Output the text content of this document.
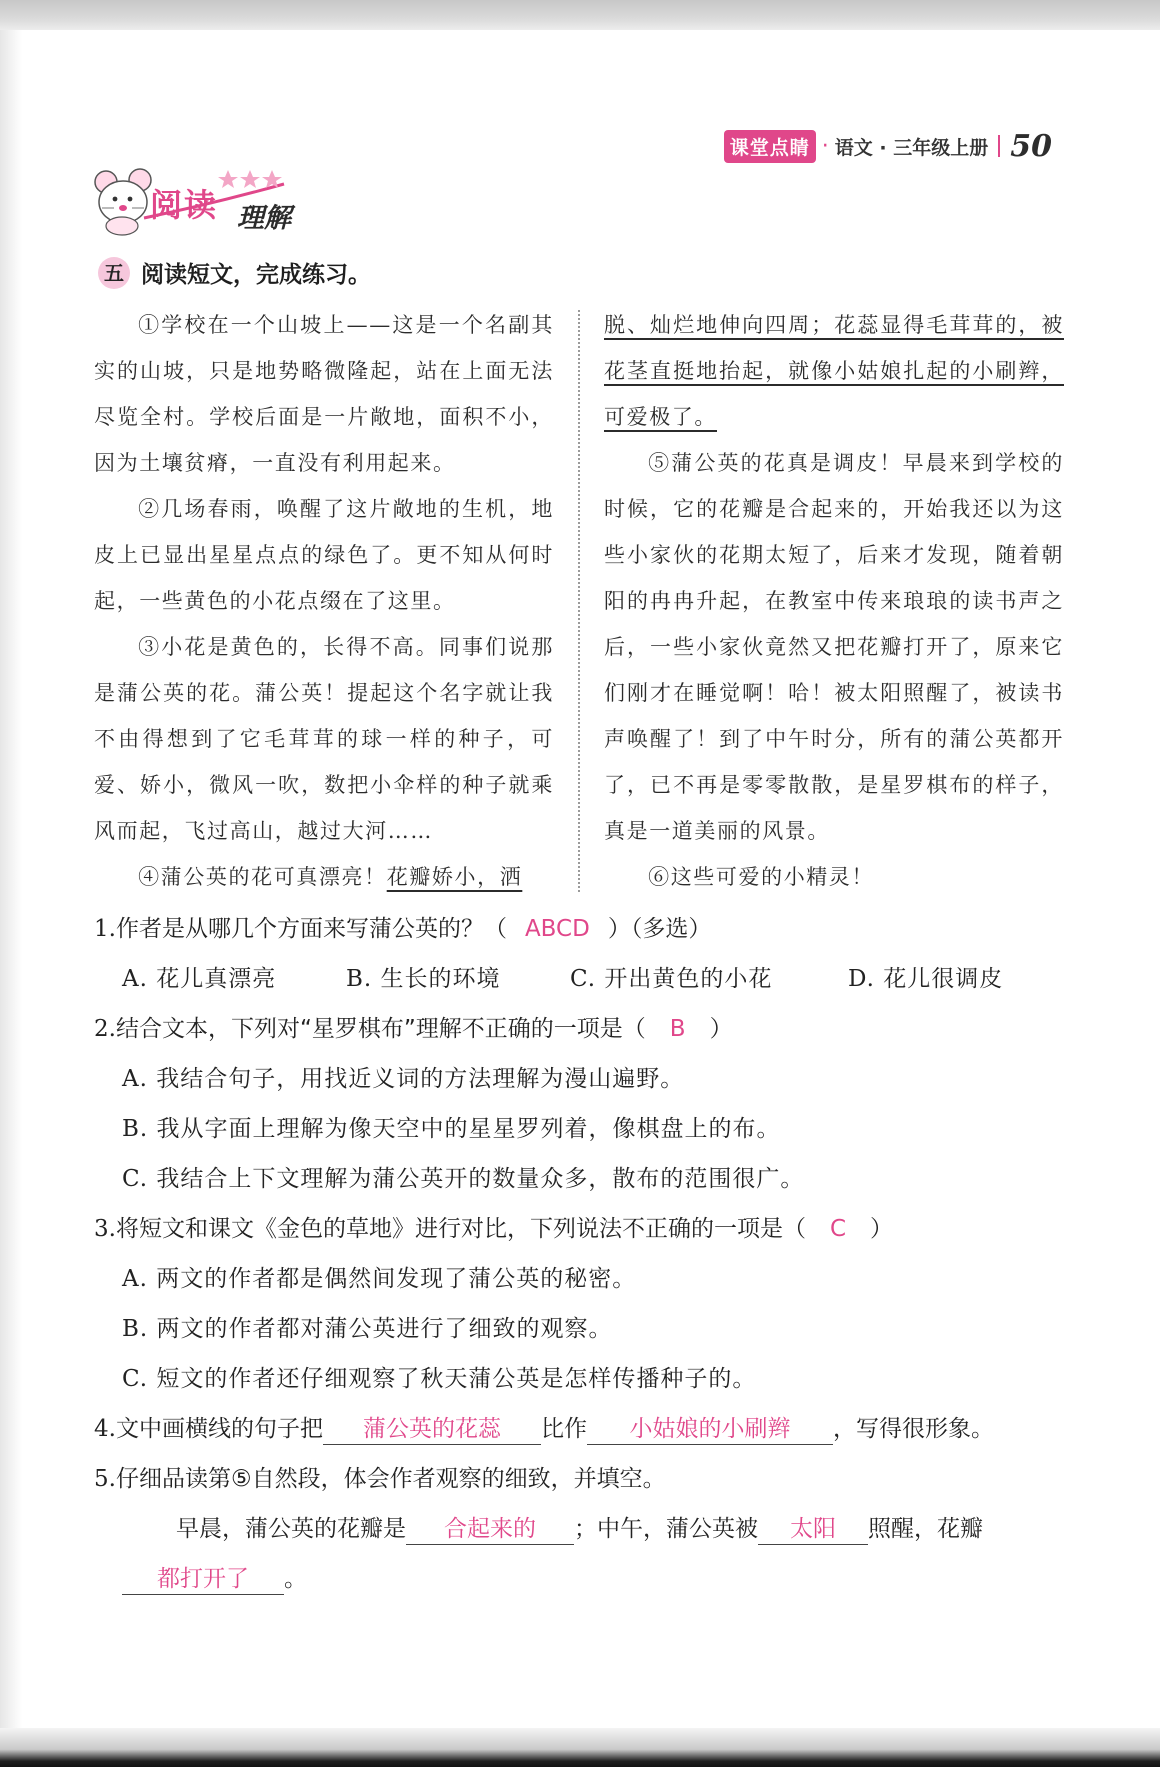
课堂点睛 · 语文 · 三年级上册 50
阅读 理解
五 阅读短文，完成练习。

①学校在一个山坡上——这是一个名副其实的山坡，只是地势略微隆起，站在上面无法尽览全村。学校后面是一片敞地，面积不小，因为土壤贫瘠，一直没有利用起来。

②几场春雨，唤醒了这片敞地的生机，地皮上已显出星星点点的绿色了。更不知从何时起，一些黄色的小花点缀在了这里。

③小花是黄色的，长得不高。同事们说那是蒲公英的花。蒲公英！提起这个名字就让我不由得想到了它毛茸茸的球一样的种子，可爱、娇小，微风一吹，数把小伞样的种子就乘风而起，飞过高山，越过大河……

④蒲公英的花可真漂亮！花瓣娇小，洒

脱、灿烂地伸向四周；花蕊显得毛茸茸的，被花茎直挺地抬起，就像小姑娘扎起的小刷辫，可爱极了。

⑤蒲公英的花真是调皮！早晨来到学校的时候，它的花瓣是合起来的，开始我还以为这些小家伙的花期太短了，后来才发现，随着朝阳的冉冉升起，在教室中传来琅琅的读书声之后，一些小家伙竟然又把花瓣打开了，原来它们刚才在睡觉啊！哈！被太阳照醒了，被读书声唤醒了！到了中午时分，所有的蒲公英都开了，已不再是零零散散，是星罗棋布的样子，真是一道美丽的风景。

⑥这些可爱的小精灵！

1.作者是从哪几个方面来写蒲公英的？（ ABCD ）（多选）
A. 花儿真漂亮	B. 生长的环境	C. 开出黄色的小花	D. 花儿很调皮
2.结合文本，下列对“星罗棋布”理解不正确的一项是（ B ）
A. 我结合句子，用找近义词的方法理解为漫山遍野。
B. 我从字面上理解为像天空中的星星罗列着，像棋盘上的布。
C. 我结合上下文理解为蒲公英开的数量众多，散布的范围很广。
3.将短文和课文《金色的草地》进行对比，下列说法不正确的一项是（ C ）
A. 两文的作者都是偶然间发现了蒲公英的秘密。
B. 两文的作者都对蒲公英进行了细致的观察。
C. 短文的作者还仔细观察了秋天蒲公英是怎样传播种子的。
4.文中画横线的句子把 蒲公英的花蕊 比作 小姑娘的小刷辫 ，写得很形象。
5.仔细品读第⑤自然段，体会作者观察的细致，并填空。
早晨，蒲公英的花瓣是 合起来的 ；中午，蒲公英被 太阳 照醒，花瓣
都打开了 。
